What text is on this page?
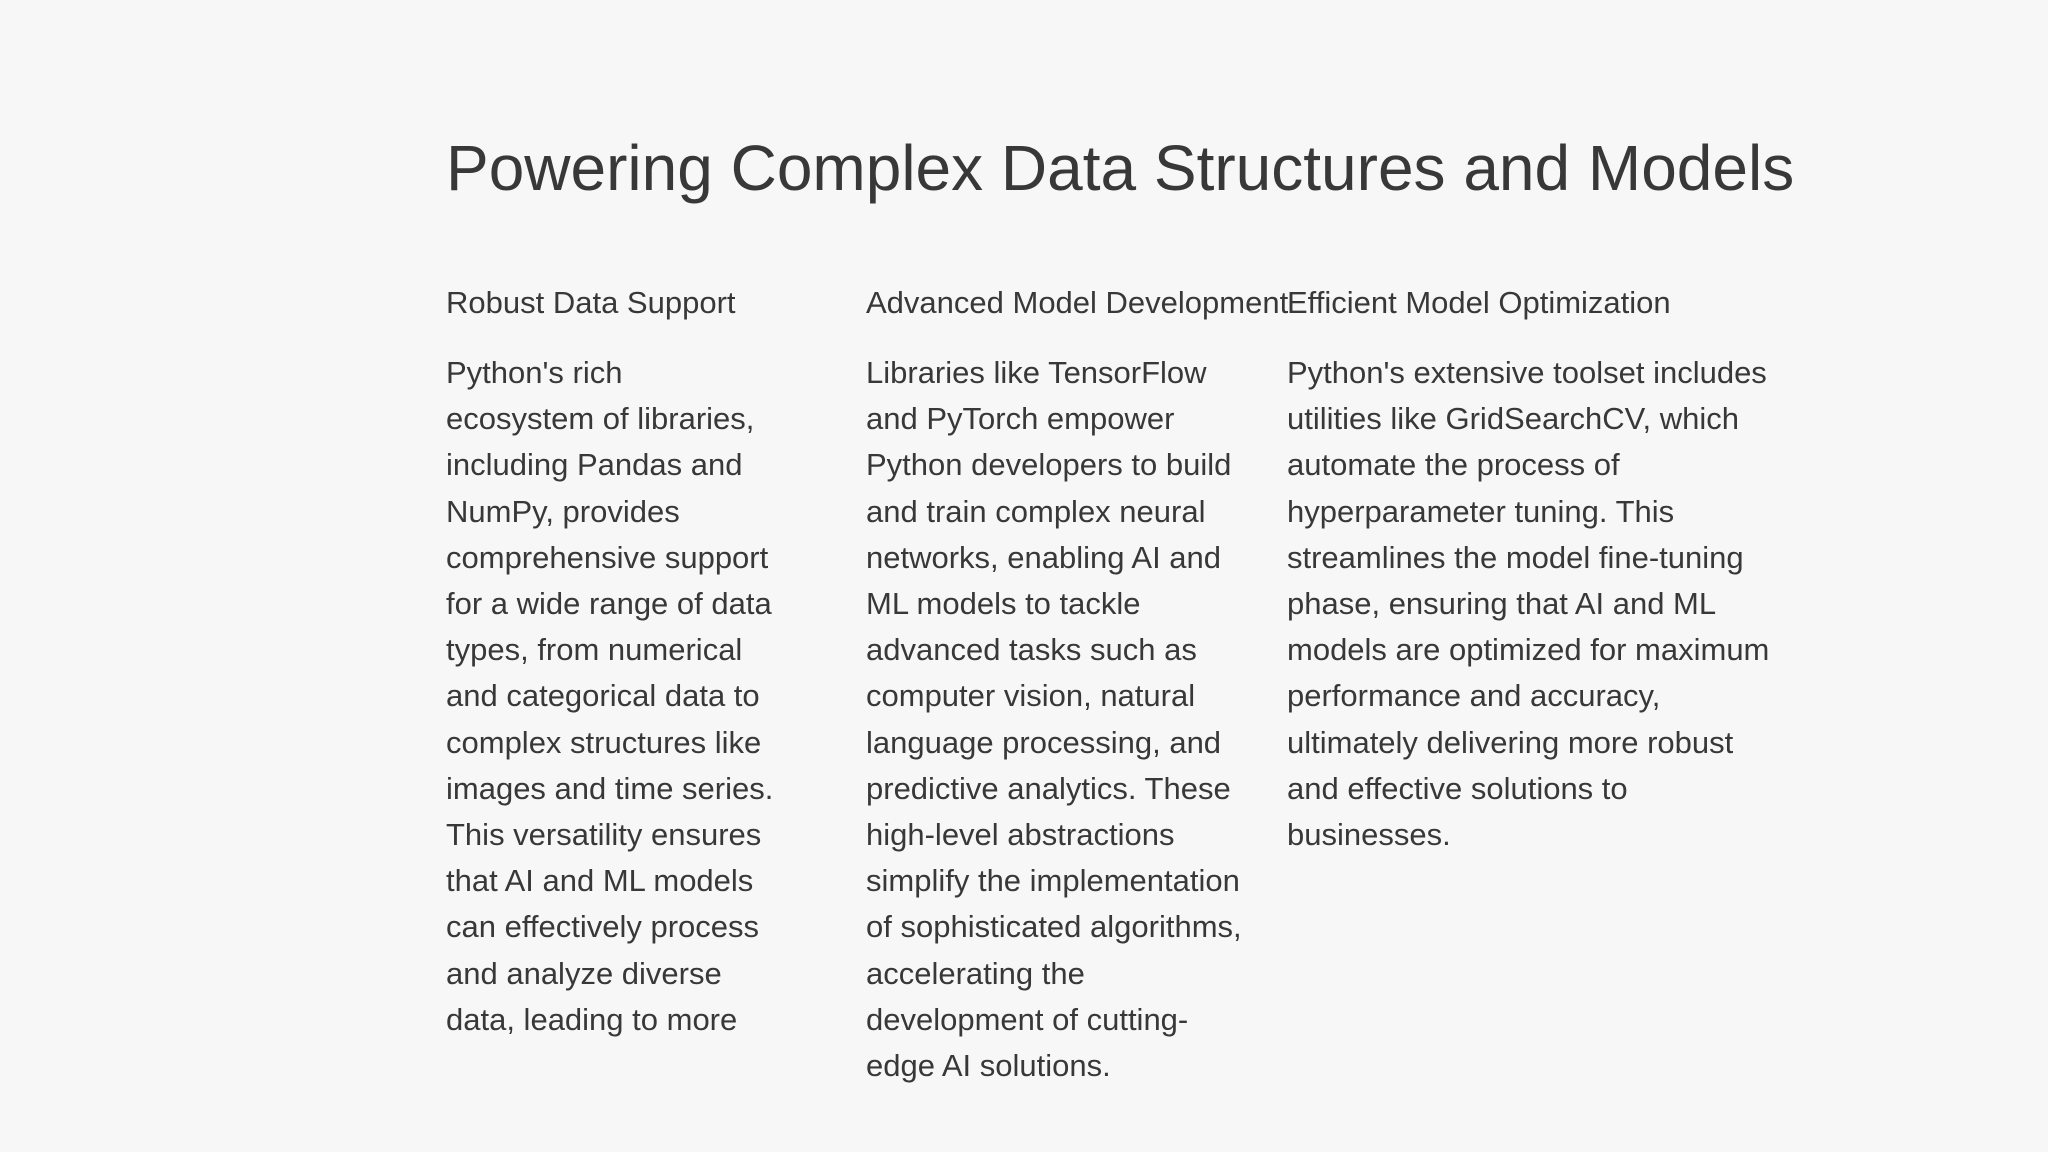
Powering Complex Data Structures and Models
Robust Data Support

Python's rich ecosystem of libraries, including Pandas and NumPy, provides comprehensive support for a wide range of data types, from numerical and categorical data to complex structures like images and time series. This versatility ensures that AI and ML models can effectively process and analyze diverse data, leading to more

Advanced Model Development

Libraries like TensorFlow and PyTorch empower Python developers to build and train complex neural networks, enabling AI and ML models to tackle advanced tasks such as computer vision, natural language processing, and predictive analytics. These high-level abstractions simplify the implementation of sophisticated algorithms, accelerating the development of cutting-edge AI solutions.

Efficient Model Optimization

Python's extensive toolset includes utilities like GridSearchCV, which automate the process of hyperparameter tuning. This streamlines the model fine-tuning phase, ensuring that AI and ML models are optimized for maximum performance and accuracy, ultimately delivering more robust and effective solutions to businesses.
